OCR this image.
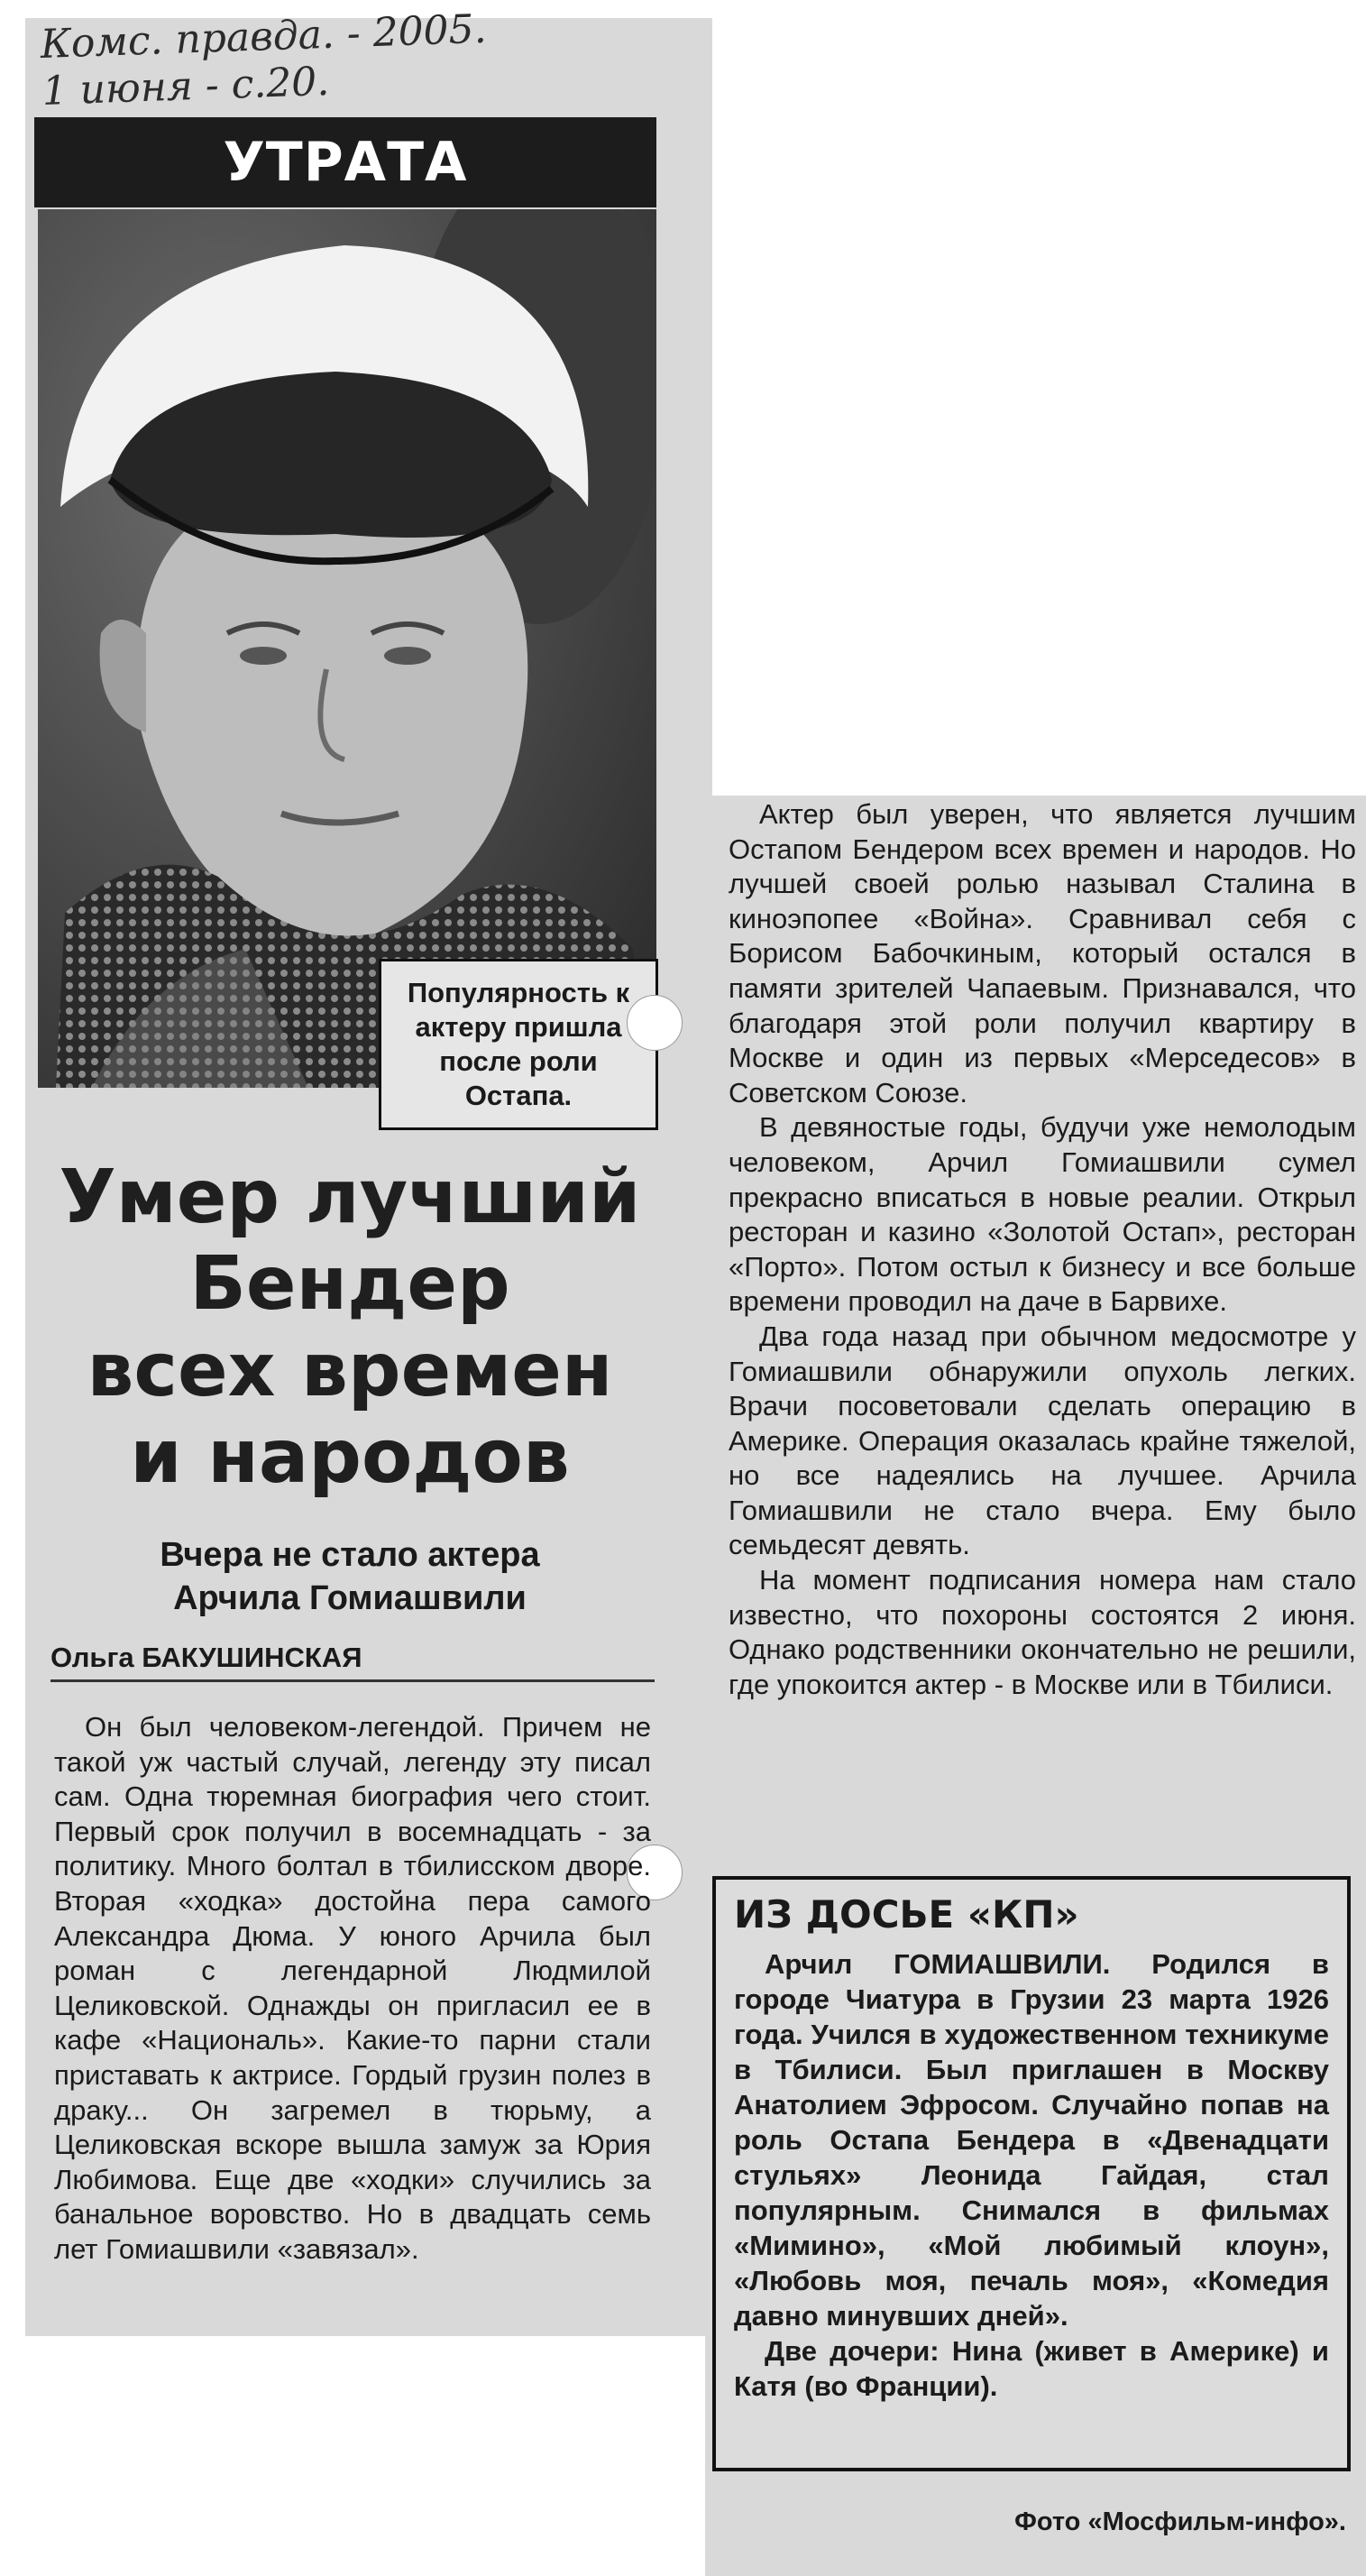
Комс. правда. - 2005.
1 июня - с.20.
УТРАТА
Популярность к актеру пришла после роли Остапа.
Умер лучший
Бендер
всех времен
и народов
Вчера не стало актера
Арчила Гомиашвили
Ольга БАКУШИНСКАЯ
Он был человеком-легендой. Причем не такой уж частый случай, легенду эту писал сам. Одна тюремная биография чего стоит. Первый срок получил в восемнадцать - за политику. Много болтал в тбилисском дворе. Вторая «ходка» достойна пера самого Александра Дюма. У юного Арчила был роман с легендарной Людмилой Целиковской. Однажды он пригласил ее в кафе «Националь». Какие-то парни стали приставать к актрисе. Гордый грузин полез в драку... Он загремел в тюрьму, а Целиковская вскоре вышла замуж за Юрия Любимова. Еще две «ходки» случились за банальное воровство. Но в двадцать семь лет Гомиашвили «завязал».

Актер был уверен, что является лучшим Остапом Бендером всех времен и народов. Но лучшей своей ролью называл Сталина в киноэпопее «Война». Сравнивал себя с Борисом Бабочкиным, который остался в памяти зрителей Чапаевым. Признавался, что благодаря этой роли получил квартиру в Москве и один из первых «Мерседесов» в Советском Союзе.

В девяностые годы, будучи уже немолодым человеком, Арчил Гомиашвили сумел прекрасно вписаться в новые реалии. Открыл ресторан и казино «Золотой Остап», ресторан «Порто». Потом остыл к бизнесу и все больше времени проводил на даче в Барвихе.

Два года назад при обычном медосмотре у Гомиашвили обнаружили опухоль легких. Врачи посоветовали сделать операцию в Америке. Операция оказалась крайне тяжелой, но все надеялись на лучшее. Арчила Гомиашвили не стало вчера. Ему было семьдесят девять.

На момент подписания номера нам стало известно, что похороны состоятся 2 июня. Однако родственники окончательно не решили, где упокоится актер - в Москве или в Тбилиси.

ИЗ ДОСЬЕ «КП»

Арчил ГОМИАШВИЛИ. Родился в городе Чиатура в Грузии 23 марта 1926 года. Учился в художественном техникуме в Тбилиси. Был приглашен в Москву Анатолием Эфросом. Случайно попав на роль Остапа Бендера в «Двенадцати стульях» Леонида Гайдая, стал популярным. Снимался в фильмах «Мимино», «Мой любимый клоун», «Любовь моя, печаль моя», «Комедия давно минувших дней».

Две дочери: Нина (живет в Америке) и Катя (во Франции).

Фото «Мосфильм-инфо».
